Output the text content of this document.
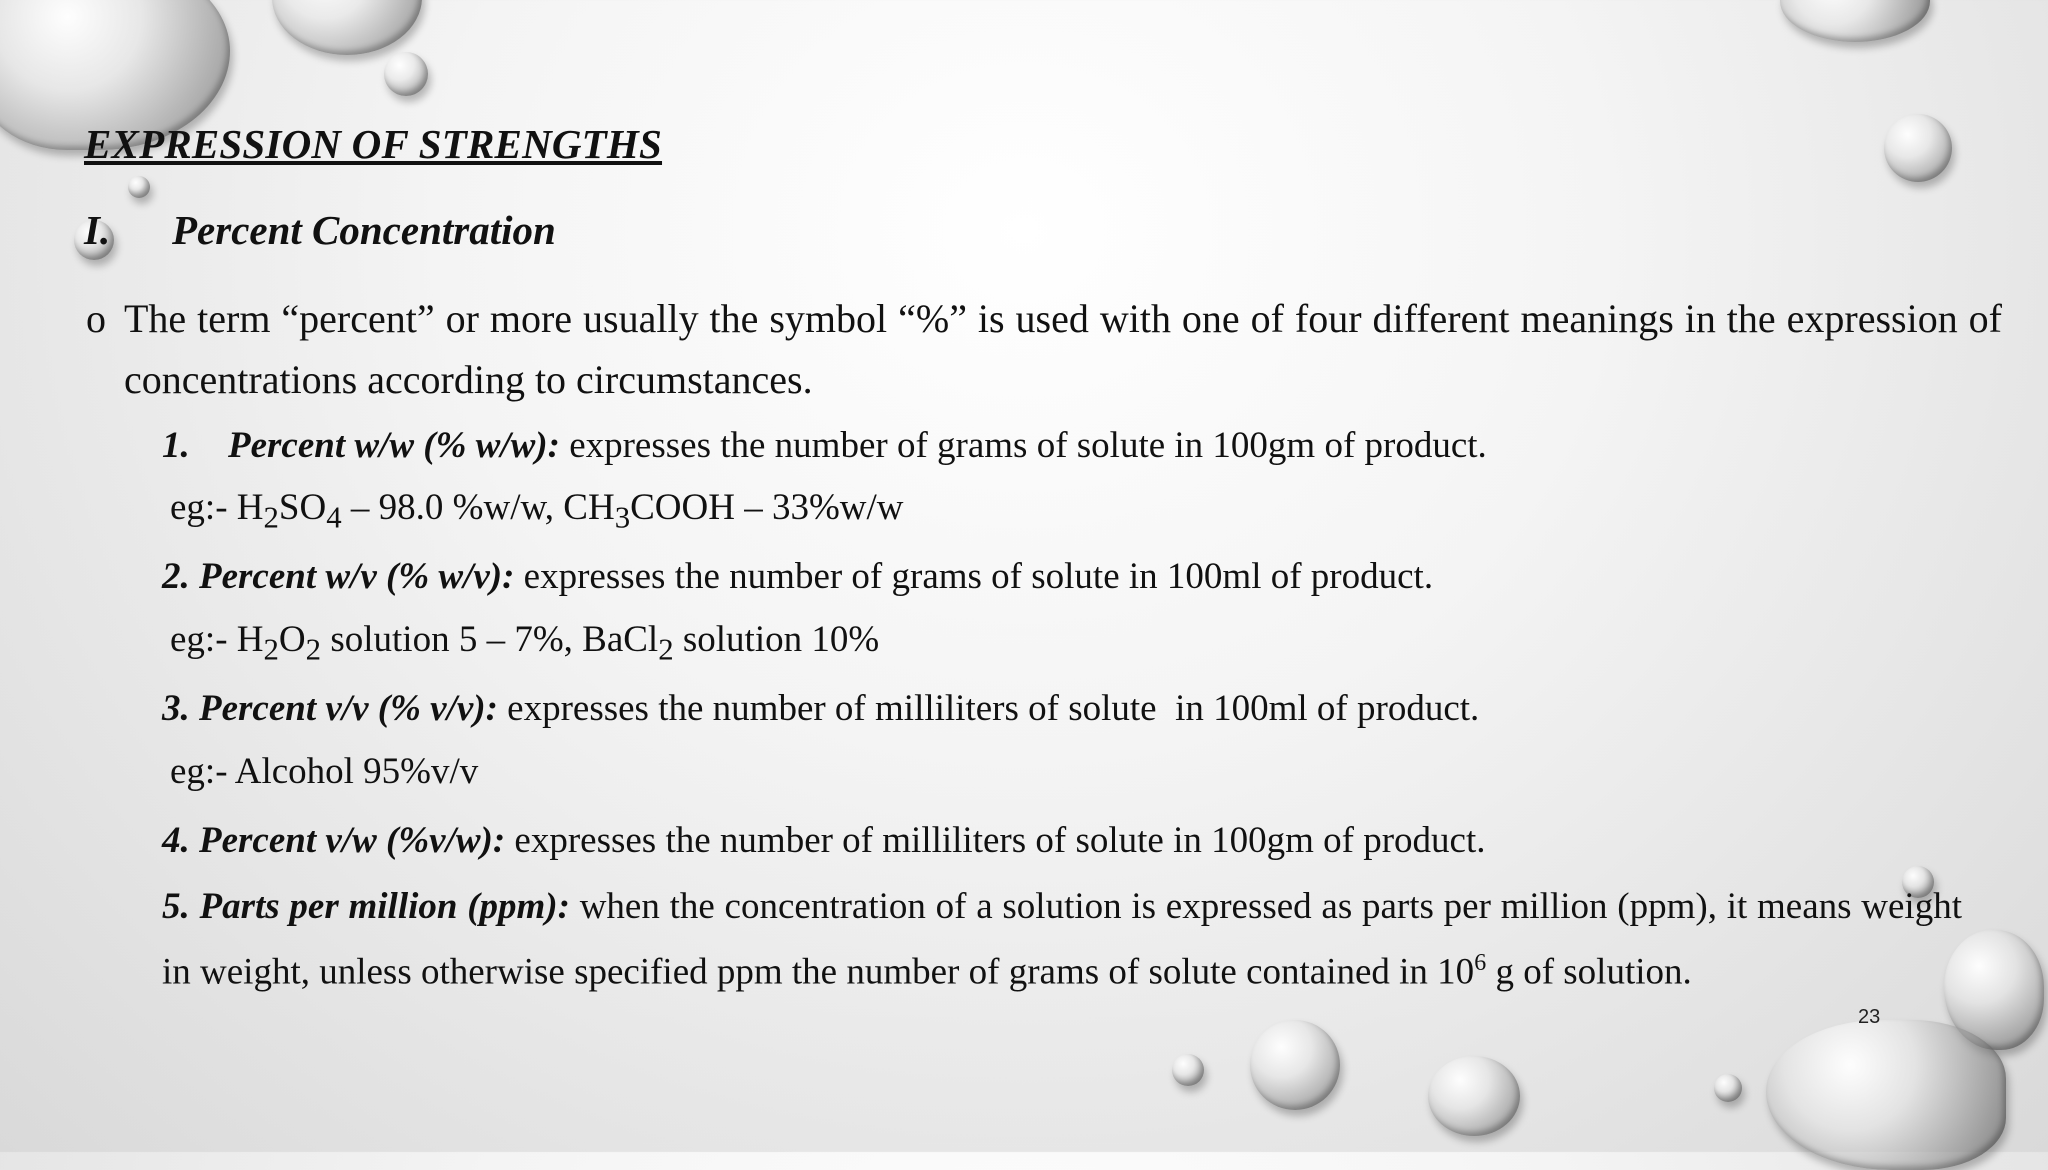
EXPRESSION OF STRENGTHS
I. Percent Concentration
o The term “percent” or more usually the symbol “%” is used with one of four different meanings in the expression of concentrations according to circumstances.
1. Percent w/w (% w/w): expresses the number of grams of solute in 100gm of product.
eg:- $H_2SO_4 - 98.0$ %w/w, $CH_3COOH - 33\%w/w$
2. Percent w/v (% w/v): expresses the number of grams of solute in 100ml of product.
eg:- $H_2O_2$ solution 5 – 7%, BaCl$_2$ solution 10%
3. Percent v/v (% v/v): expresses the number of milliliters of solute  in 100ml of product.
eg:- Alcohol 95%v/v
4. Percent v/w (%v/w): expresses the number of milliliters of solute in 100gm of product.
5. Parts per million (ppm): when the concentration of a solution is expressed as parts per million (ppm), it means weight in weight, unless otherwise specified ppm the number of grams of solute contained in $10^6$ g of solution.
23
